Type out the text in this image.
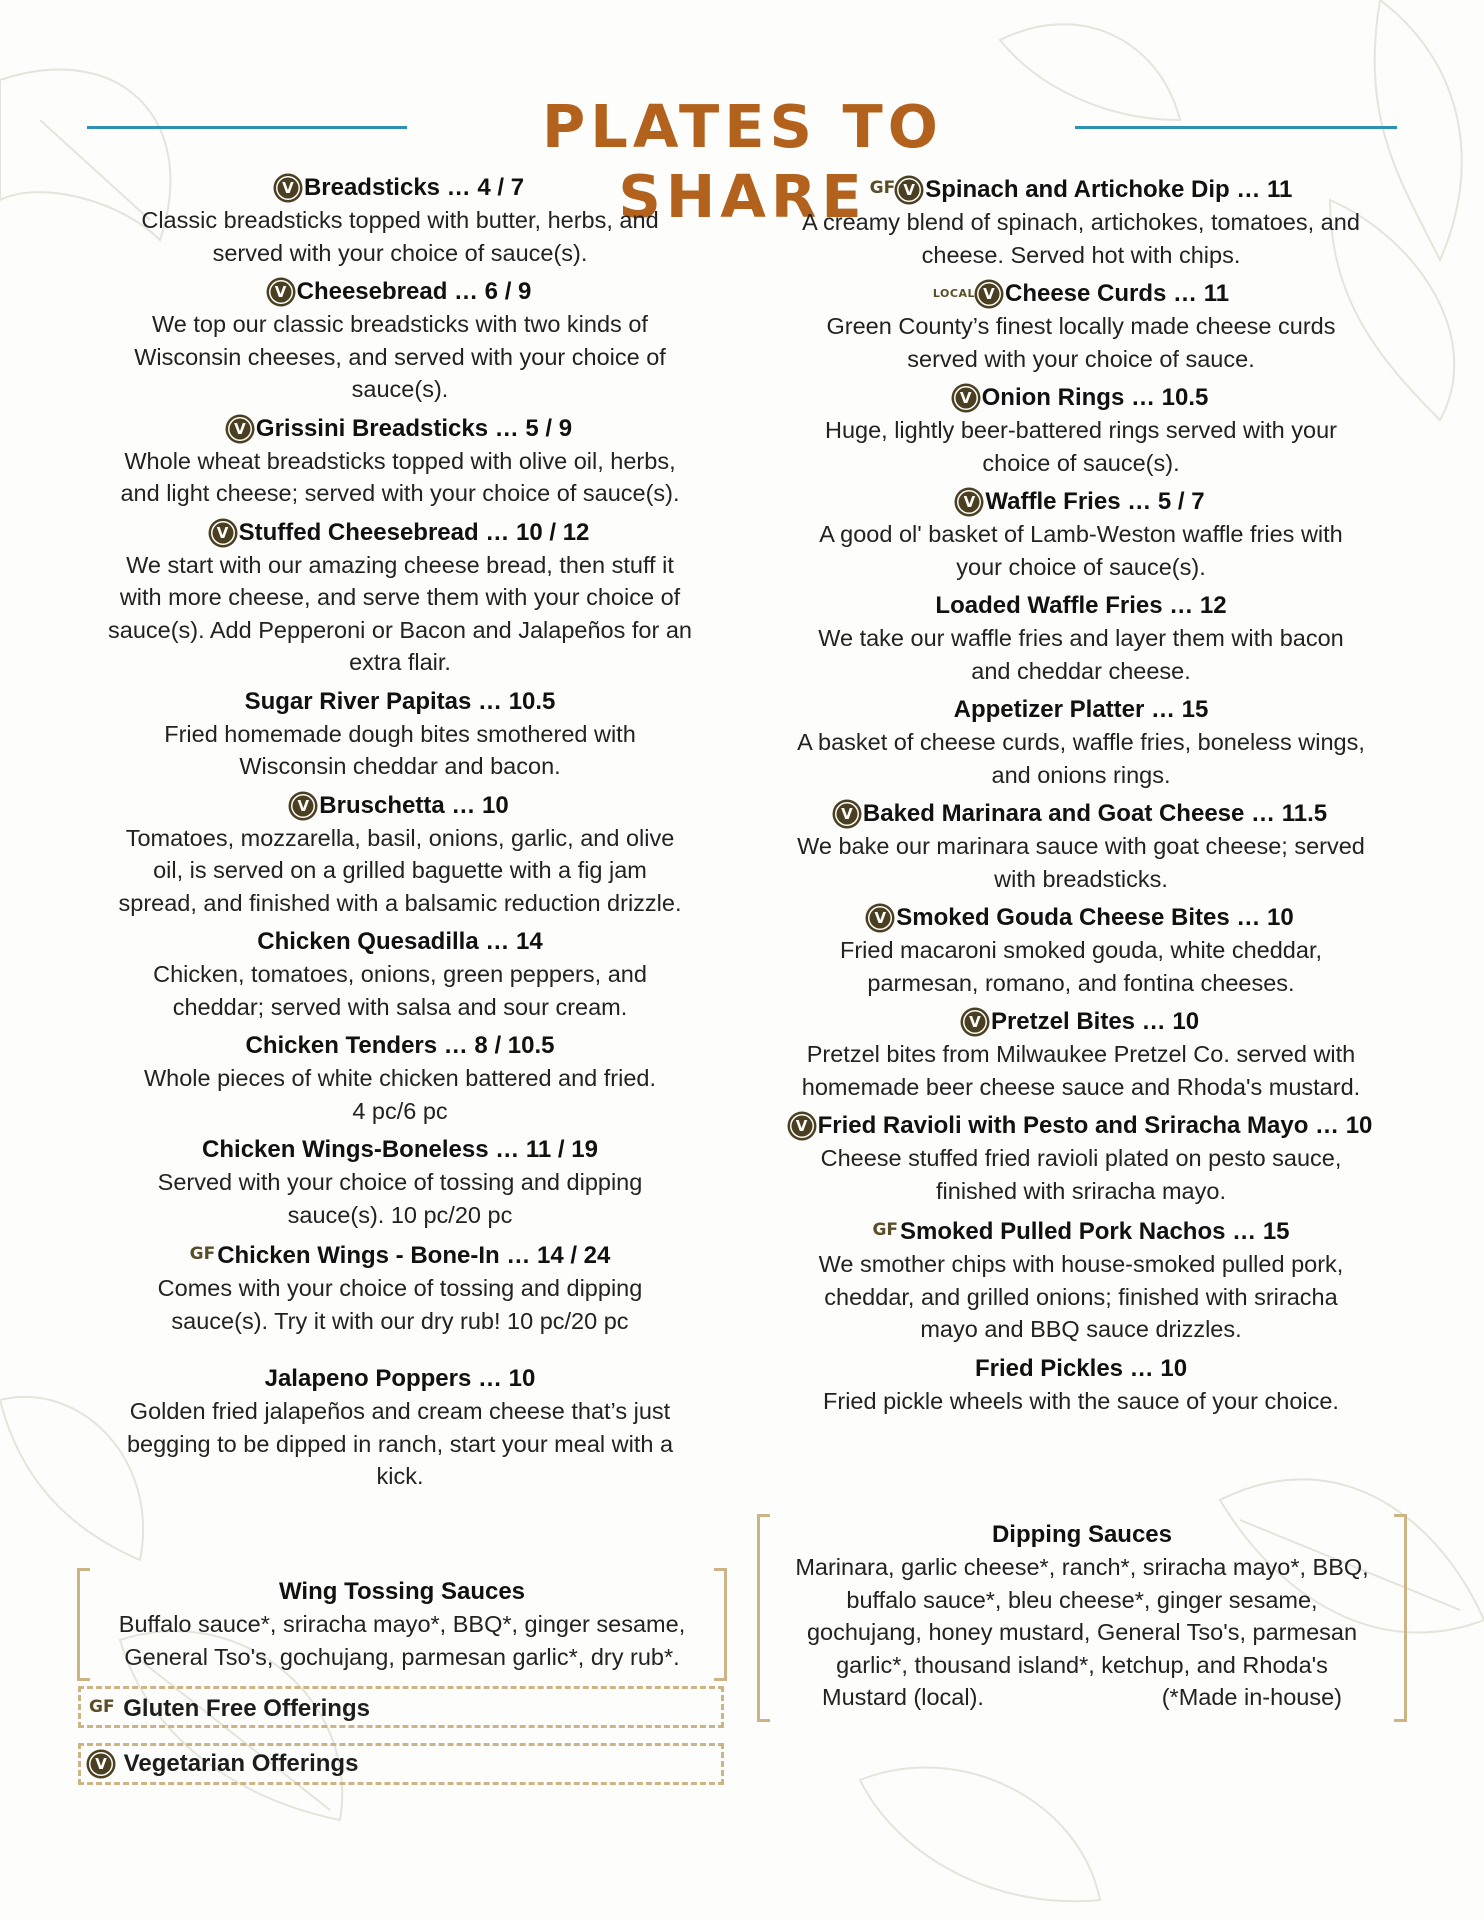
PLATES TO SHARE
V Breadsticks … 4 / 7
Classic breadsticks topped with butter, herbs, and
served with your choice of sauce(s).
V Cheesebread … 6 / 9
We top our classic breadsticks with two kinds of
Wisconsin cheeses, and served with your choice of
sauce(s).
V Grissini Breadsticks … 5 / 9
Whole wheat breadsticks topped with olive oil, herbs,
and light cheese; served with your choice of sauce(s).
V Stuffed Cheesebread … 10 / 12
We start with our amazing cheese bread, then stuff it
with more cheese, and serve them with your choice of
sauce(s). Add Pepperoni or Bacon and Jalapeños for an
extra flair.
Sugar River Papitas … 10.5
Fried homemade dough bites smothered with
Wisconsin cheddar and bacon.
V Bruschetta … 10
Tomatoes, mozzarella, basil, onions, garlic, and olive
oil, is served on a grilled baguette with a fig jam
spread, and finished with a balsamic reduction drizzle.
Chicken Quesadilla … 14
Chicken, tomatoes, onions, green peppers, and
cheddar; served with salsa and sour cream.
Chicken Tenders … 8 / 10.5
Whole pieces of white chicken battered and fried.
4 pc/6 pc
Chicken Wings-Boneless … 11 / 19
Served with your choice of tossing and dipping
sauce(s). 10 pc/20 pc
GFChicken Wings - Bone-In … 14 / 24
Comes with your choice of tossing and dipping
sauce(s). Try it with our dry rub! 10 pc/20 pc
Jalapeno Poppers … 10
Golden fried jalapeños and cream cheese that’s just
begging to be dipped in ranch, start your meal with a
kick.
GF V Spinach and Artichoke Dip … 11
A creamy blend of spinach, artichokes, tomatoes, and
cheese. Served hot with chips.
LOCAL V Cheese Curds … 11
Green County’s finest locally made cheese curds
served with your choice of sauce.
V Onion Rings … 10.5
Huge, lightly beer-battered rings served with your
choice of sauce(s).
V Waffle Fries … 5 / 7
A good ol' basket of Lamb-Weston waffle fries with
your choice of sauce(s).
Loaded Waffle Fries … 12
We take our waffle fries and layer them with bacon
and cheddar cheese.
Appetizer Platter … 15
A basket of cheese curds, waffle fries, boneless wings,
and onions rings.
V Baked Marinara and Goat Cheese … 11.5
We bake our marinara sauce with goat cheese; served
with breadsticks.
V Smoked Gouda Cheese Bites … 10
Fried macaroni smoked gouda, white cheddar,
parmesan, romano, and fontina cheeses.
V Pretzel Bites … 10
Pretzel bites from Milwaukee Pretzel Co. served with
homemade beer cheese sauce and Rhoda's mustard.
V Fried Ravioli with Pesto and Sriracha Mayo … 10
Cheese stuffed fried ravioli plated on pesto sauce,
finished with sriracha mayo.
GFSmoked Pulled Pork Nachos … 15
We smother chips with house-smoked pulled pork,
cheddar, and grilled onions; finished with sriracha
mayo and BBQ sauce drizzles.
Fried Pickles … 10
Fried pickle wheels with the sauce of your choice.
Wing Tossing Sauces
Buffalo sauce*, sriracha mayo*, BBQ*, ginger sesame,
General Tso's, gochujang, parmesan garlic*, dry rub*.
Dipping Sauces
Marinara, garlic cheese*, ranch*, sriracha mayo*, BBQ,
buffalo sauce*, bleu cheese*, ginger sesame,
gochujang, honey mustard, General Tso's, parmesan
garlic*, thousand island*, ketchup, and Rhoda's
Mustard (local).	(*Made in-house)
GF Gluten Free Offerings
V Vegetarian Offerings
